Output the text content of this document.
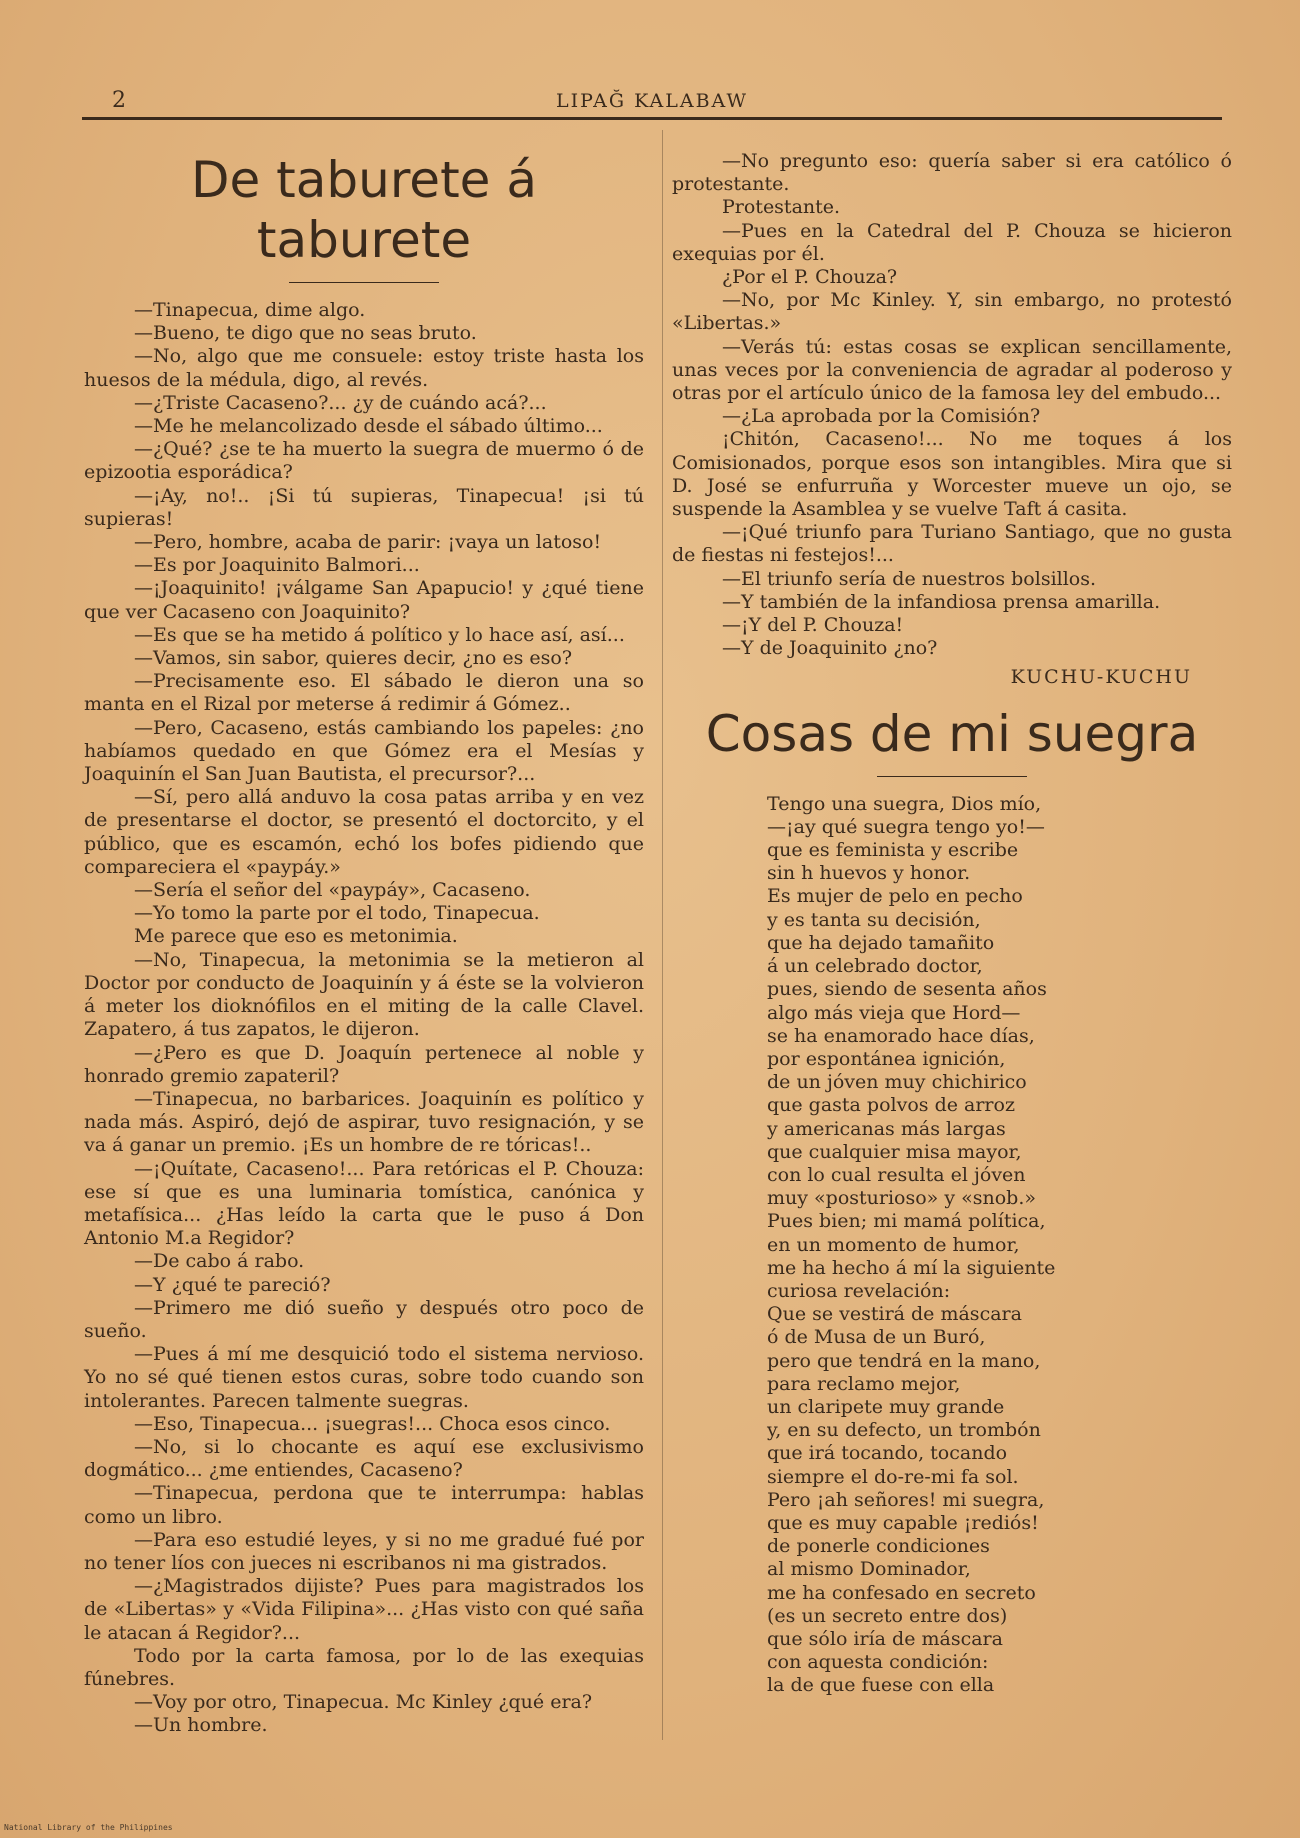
2	LIPAĞ KALABAW
De taburete á taburete

—Tinapecua, dime algo.

—Bueno, te digo que no seas bruto.

—No, algo que me consuele: estoy triste hasta los huesos de la médula, digo, al revés.

—¿Triste Cacaseno?... ¿y de cuándo acá?...

—Me he melancolizado desde el sábado último...

—¿Qué? ¿se te ha muerto la suegra de muermo ó de epizootia esporádica?

—¡Ay, no!.. ¡Si tú supieras, Tinapecua! ¡si tú supieras!

—Pero, hombre, acaba de parir: ¡vaya un latoso!

—Es por Joaquinito Balmori...

—¡Joaquinito! ¡válgame San Apapucio! y ¿qué tiene que ver Cacaseno con Joaquinito?

—Es que se ha metido á político y lo hace así, así...

—Vamos, sin sabor, quieres decir, ¿no es eso?

—Precisamente eso. El sábado le dieron una so manta en el Rizal por meterse á redimir á Gómez..

—Pero, Cacaseno, estás cambiando los papeles: ¿no habíamos quedado en que Gómez era el Mesías y Joaquinín el San Juan Bautista, el precursor?...

—Sí, pero allá anduvo la cosa patas arriba y en vez de presentarse el doctor, se presentó el doctorcito, y el público, que es escamón, echó los bofes pidiendo que compareciera el «paypáy.»

—Sería el señor del «paypáy», Cacaseno.

—Yo tomo la parte por el todo, Tinapecua.

Me parece que eso es metonimia.

—No, Tinapecua, la metonimia se la metieron al Doctor por conducto de Joaquinín y á éste se la volvieron á meter los dioknófilos en el miting de la calle Clavel. Zapatero, á tus zapatos, le dijeron.

—¿Pero es que D. Joaquín pertenece al noble y honrado gremio zapateril?

—Tinapecua, no barbarices. Joaquinín es político y nada más. Aspiró, dejó de aspirar, tuvo resignación, y se va á ganar un premio. ¡Es un hombre de re tóricas!..

—¡Quítate, Cacaseno!... Para retóricas el P. Chouza: ese sí que es una luminaria tomística, canónica y metafísica... ¿Has leído la carta que le puso á Don Antonio M.a Regidor?

—De cabo á rabo.

—Y ¿qué te pareció?

—Primero me dió sueño y después otro poco de sueño.

—Pues á mí me desquició todo el sistema nervioso. Yo no sé qué tienen estos curas, sobre todo cuando son intolerantes. Parecen talmente suegras.

—Eso, Tinapecua... ¡suegras!... Choca esos cinco.

—No, si lo chocante es aquí ese exclusivismo dogmático... ¿me entiendes, Cacaseno?

—Tinapecua, perdona que te interrumpa: hablas como un libro.

—Para eso estudié leyes, y si no me gradué fué por no tener líos con jueces ni escribanos ni ma gistrados.

—¿Magistrados dijiste? Pues para magistrados los de «Libertas» y «Vida Filipina»... ¿Has visto con qué saña le atacan á Regidor?...

Todo por la carta famosa, por lo de las exequias fúnebres.

—Voy por otro, Tinapecua. Mc Kinley ¿qué era?

—Un hombre.

—No pregunto eso: quería saber si era católico ó protestante.

Protestante.

—Pues en la Catedral del P. Chouza se hicieron exequias por él.

¿Por el P. Chouza?

—No, por Mc Kinley. Y, sin embargo, no protestó «Libertas.»

—Verás tú: estas cosas se explican sencillamente, unas veces por la conveniencia de agradar al poderoso y otras por el artículo único de la famosa ley del embudo...

—¿La aprobada por la Comisión?

¡Chitón, Cacaseno!... No me toques á los Comisionados, porque esos son intangibles. Mira que si D. José se enfurruña y Worcester mueve un ojo, se suspende la Asamblea y se vuelve Taft á casita.

—¡Qué triunfo para Turiano Santiago, que no gusta de fiestas ni festejos!...

—El triunfo sería de nuestros bolsillos.

—Y también de la infandiosa prensa amarilla.

—¡Y del P. Chouza!

—Y de Joaquinito ¿no?

KUCHU-KUCHU
Cosas de mi suegra
Tengo una suegra, Dios mío,
—¡ay qué suegra tengo yo!—
que es feminista y escribe
sin h huevos y honor.
Es mujer de pelo en pecho
y es tanta su decisión,
que ha dejado tamañito
á un celebrado doctor,
pues, siendo de sesenta años
algo más vieja que Hord—
se ha enamorado hace días,
por espontánea ignición,
de un jóven muy chichirico
que gasta polvos de arroz
y americanas más largas
que cualquier misa mayor,
con lo cual resulta el jóven
muy «posturioso» y «snob.»
Pues bien; mi mamá política,
en un momento de humor,
me ha hecho á mí la siguiente
curiosa revelación:
Que se vestirá de máscara
ó de Musa de un Buró,
pero que tendrá en la mano,
para reclamo mejor,
un claripete muy grande
y, en su defecto, un trombón
que irá tocando, tocando
siempre el do-re-mi fa sol.
Pero ¡ah señores! mi suegra,
que es muy capable ¡rediós!
de ponerle condiciones
al mismo Dominador,
me ha confesado en secreto
(es un secreto entre dos)
que sólo iría de máscara
con aquesta condición:
la de que fuese con ella
National Library of the Philippines
